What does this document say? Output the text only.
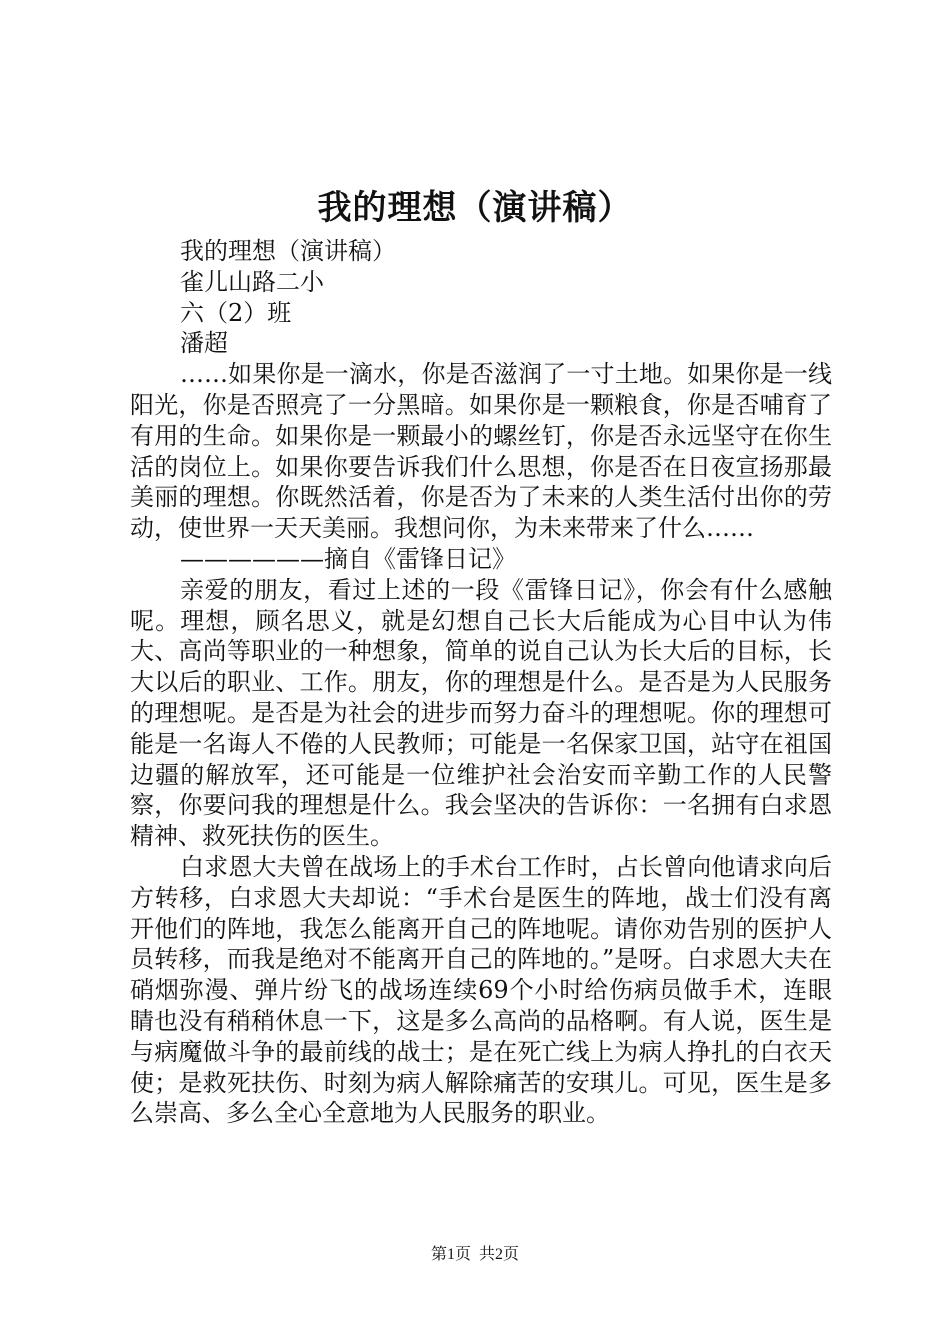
我的理想（演讲稿）

我的理想（演讲稿）

雀儿山路二小

六（2）班

潘超

……如果你是一滴水，你是否滋润了一寸土地。如果你是一线阳光，你是否照亮了一分黑暗。如果你是一颗粮食，你是否哺育了有用的生命。如果你是一颗最小的螺丝钉，你是否永远坚守在你生活的岗位上。如果你要告诉我们什么思想，你是否在日夜宣扬那最美丽的理想。你既然活着，你是否为了未来的人类生活付出你的劳动，使世界一天天美丽。我想问你，为未来带来了什么……

——————摘自《雷锋日记》

亲爱的朋友，看过上述的一段《雷锋日记》，你会有什么感触呢。理想，顾名思义，就是幻想自己长大后能成为心目中认为伟大、高尚等职业的一种想象，简单的说自己认为长大后的目标，长大以后的职业、工作。朋友，你的理想是什么。是否是为人民服务的理想呢。是否是为社会的进步而努力奋斗的理想呢。你的理想可能是一名诲人不倦的人民教师；可能是一名保家卫国，站守在祖国边疆的解放军，还可能是一位维护社会治安而辛勤工作的人民警察，你要问我的理想是什么。我会坚决的告诉你：一名拥有白求恩精神、救死扶伤的医生。

白求恩大夫曾在战场上的手术台工作时，占长曾向他请求向后方转移，白求恩大夫却说：“手术台是医生的阵地，战士们没有离开他们的阵地，我怎么能离开自己的阵地呢。请你劝告别的医护人员转移，而我是绝对不能离开自己的阵地的。”是呀。白求恩大夫在硝烟弥漫、弹片纷飞的战场连续69个小时给伤病员做手术，连眼睛也没有稍稍休息一下，这是多么高尚的品格啊。有人说，医生是与病魔做斗争的最前线的战士；是在死亡线上为病人挣扎的白衣天使；是救死扶伤、时刻为病人解除痛苦的安琪儿。可见，医生是多么崇高、多么全心全意地为人民服务的职业。

第1页  共2页
